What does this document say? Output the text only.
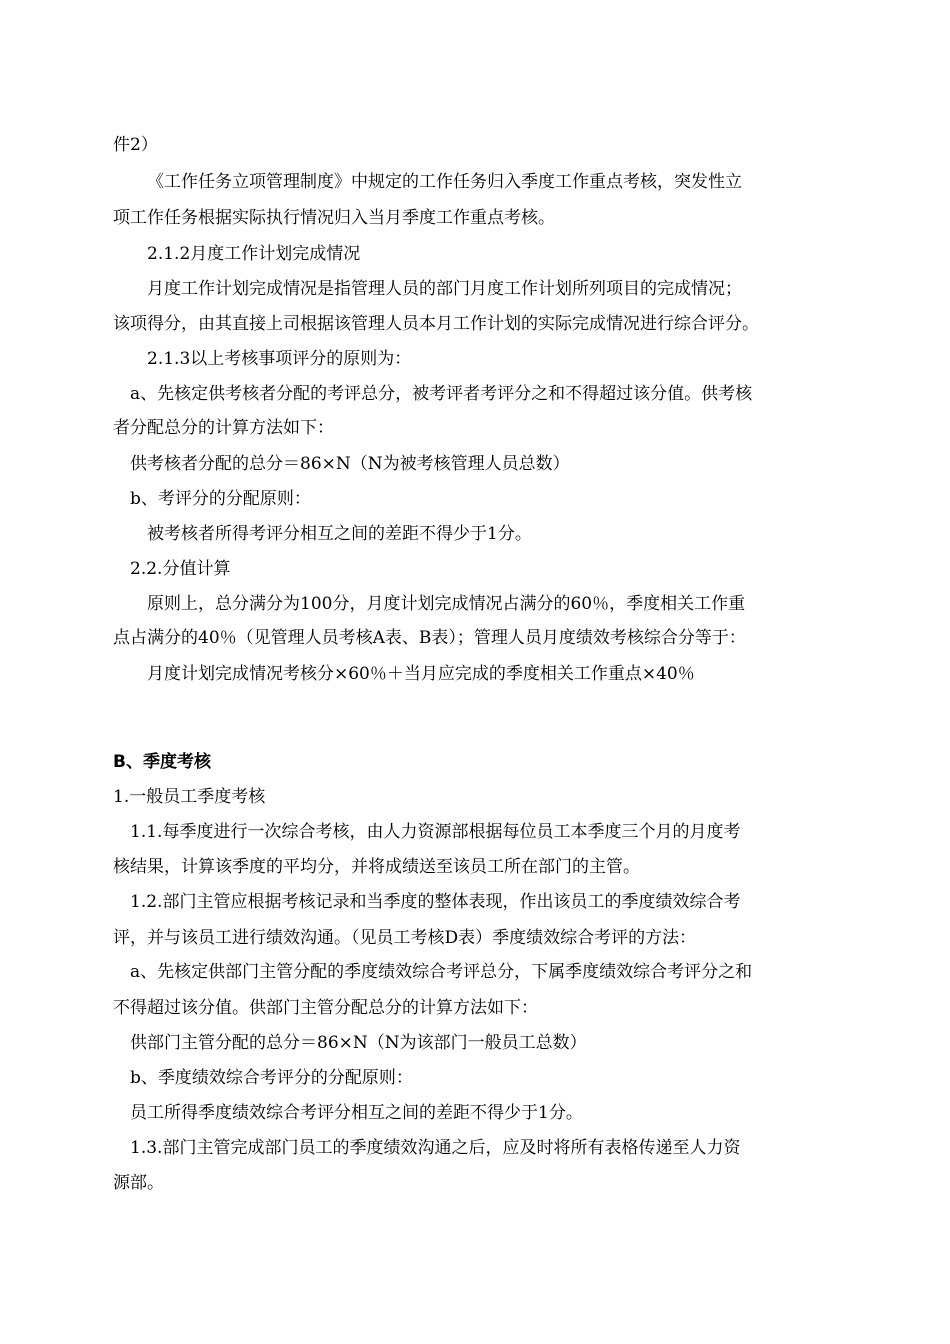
件2）
《工作任务立项管理制度》中规定的工作任务归入季度工作重点考核，突发性立
项工作任务根据实际执行情况归入当月季度工作重点考核。
2.1.2月度工作计划完成情况
月度工作计划完成情况是指管理人员的部门月度工作计划所列项目的完成情况；
该项得分，由其直接上司根据该管理人员本月工作计划的实际完成情况进行综合评分。
2.1.3以上考核事项评分的原则为：
a、先核定供考核者分配的考评总分，被考评者考评分之和不得超过该分值。供考核
者分配总分的计算方法如下：
供考核者分配的总分＝86×N（N为被考核管理人员总数）
b、考评分的分配原则：
被考核者所得考评分相互之间的差距不得少于1分。
2.2.分值计算
原则上，总分满分为100分，月度计划完成情况占满分的60％，季度相关工作重
点占满分的40％（见管理人员考核A表、B表）；管理人员月度绩效考核综合分等于：
月度计划完成情况考核分×60％＋当月应完成的季度相关工作重点×40％
B、季度考核
1.一般员工季度考核
1.1.每季度进行一次综合考核，由人力资源部根据每位员工本季度三个月的月度考
核结果，计算该季度的平均分，并将成绩送至该员工所在部门的主管。
1.2.部门主管应根据考核记录和当季度的整体表现，作出该员工的季度绩效综合考
评，并与该员工进行绩效沟通。（见员工考核D表）季度绩效综合考评的方法：
a、先核定供部门主管分配的季度绩效综合考评总分，下属季度绩效综合考评分之和
不得超过该分值。供部门主管分配总分的计算方法如下：
供部门主管分配的总分＝86×N（N为该部门一般员工总数）
b、季度绩效综合考评分的分配原则：
员工所得季度绩效综合考评分相互之间的差距不得少于1分。
1.3.部门主管完成部门员工的季度绩效沟通之后，应及时将所有表格传递至人力资
源部。
